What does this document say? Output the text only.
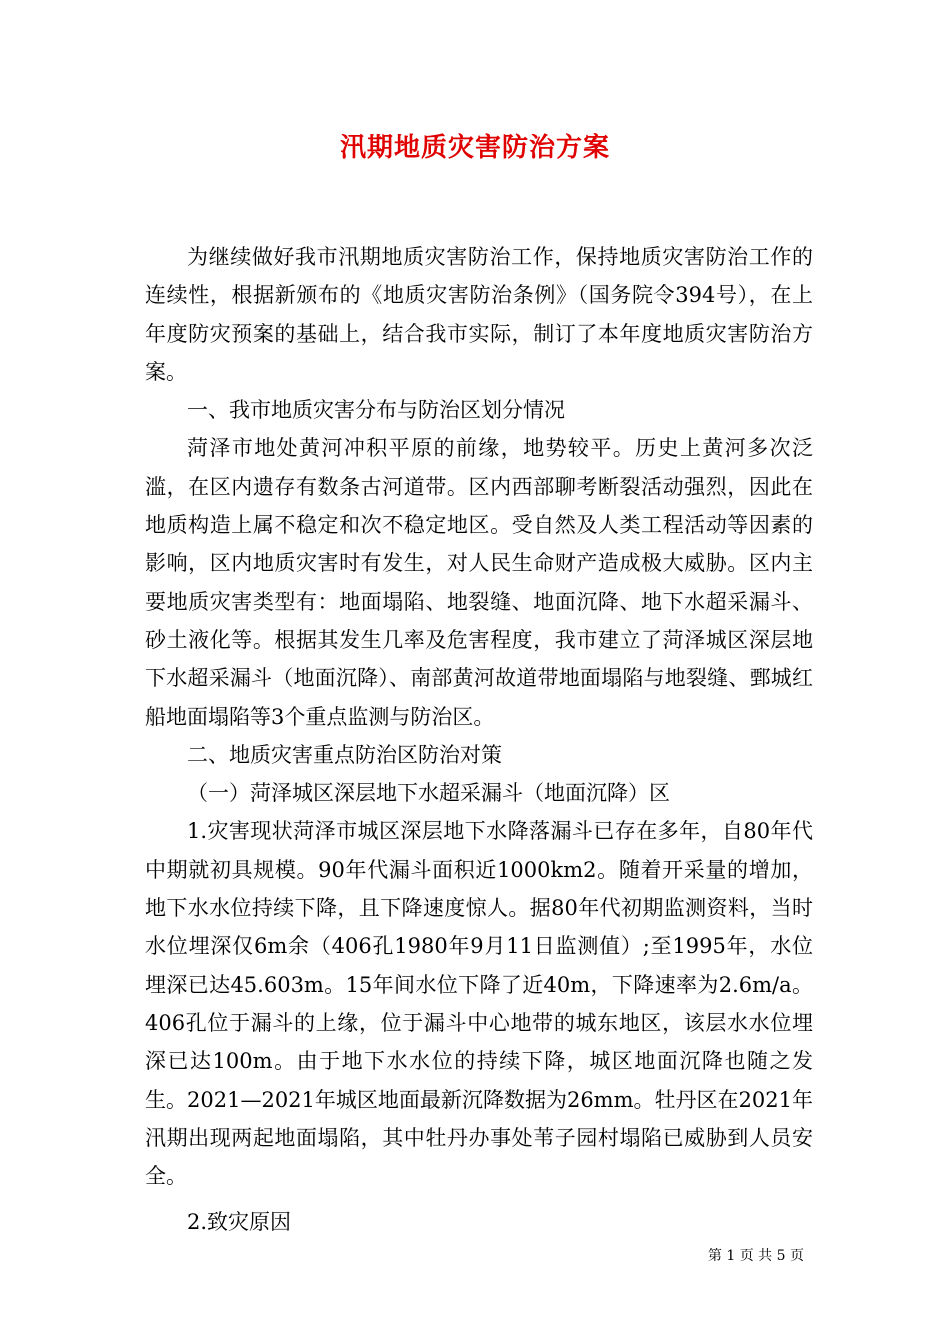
汛期地质灾害防治方案

为继续做好我市汛期地质灾害防治工作，保持地质灾害防治工作的连续性，根据新颁布的《地质灾害防治条例》（国务院令394号），在上年度防灾预案的基础上，结合我市实际，制订了本年度地质灾害防治方案。

一、我市地质灾害分布与防治区划分情况

菏泽市地处黄河冲积平原的前缘，地势较平。历史上黄河多次泛滥，在区内遗存有数条古河道带。区内西部聊考断裂活动强烈，因此在地质构造上属不稳定和次不稳定地区。受自然及人类工程活动等因素的影响，区内地质灾害时有发生，对人民生命财产造成极大威胁。区内主要地质灾害类型有：地面塌陷、地裂缝、地面沉降、地下水超采漏斗、砂土液化等。根据其发生几率及危害程度，我市建立了菏泽城区深层地下水超采漏斗（地面沉降）、南部黄河故道带地面塌陷与地裂缝、鄄城红船地面塌陷等3个重点监测与防治区。

二、地质灾害重点防治区防治对策

（一）菏泽城区深层地下水超采漏斗（地面沉降）区

1.灾害现状菏泽市城区深层地下水降落漏斗已存在多年，自80年代中期就初具规模。90年代漏斗面积近1000km2。随着开采量的增加，地下水水位持续下降，且下降速度惊人。据80年代初期监测资料，当时水位埋深仅6m余（406孔1980年9月11日监测值）;至1995年，水位埋深已达45.603m。15年间水位下降了近40m，下降速率为2.6m/a。406孔位于漏斗的上缘，位于漏斗中心地带的城东地区，该层水水位埋深已达100m。由于地下水水位的持续下降，城区地面沉降也随之发生。2021—2021年城区地面最新沉降数据为26mm。牡丹区在2021年汛期出现两起地面塌陷，其中牡丹办事处苇子园村塌陷已威胁到人员安全。

2.致灾原因

第 1 页 共 5 页
